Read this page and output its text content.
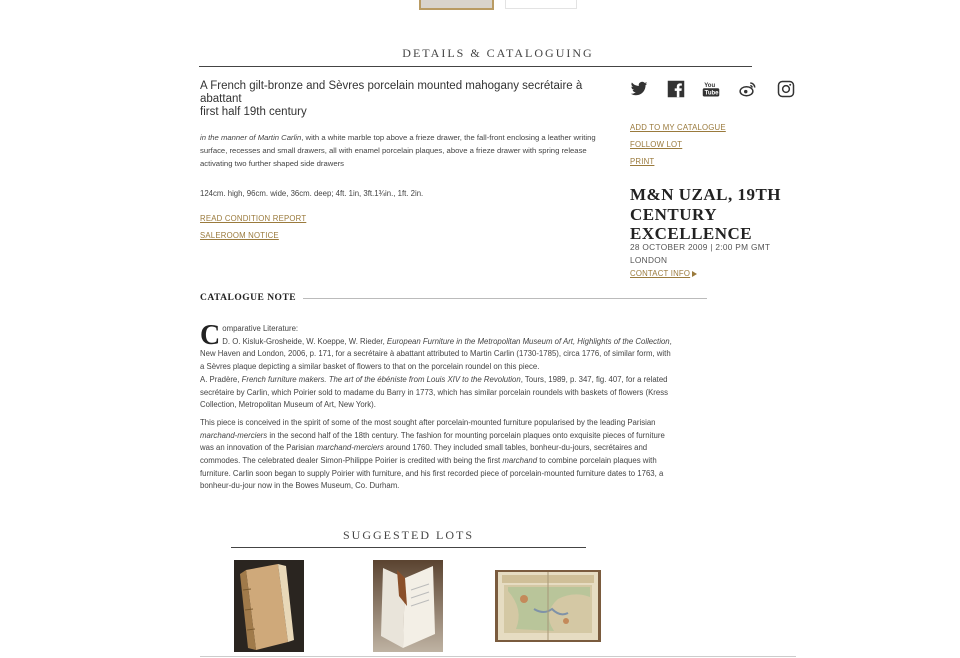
DETAILS & CATALOGUING
A French gilt-bronze and Sèvres porcelain mounted mahogany secrétaire à
abattant
first half 19th century
in the manner of Martin Carlin, with a white marble top above a frieze drawer, the fall-front enclosing a leather writing surface, recesses and small drawers, all with enamel porcelain plaques, above a frieze drawer with spring release activating two further shaped side drawers
124cm. high, 96cm. wide, 36cm. deep; 4ft. 1in, 3ft.1¾in., 1ft. 2in.
READ CONDITION REPORT
SALEROOM NOTICE
You
Tube
ADD TO MY CATALOGUE
FOLLOW LOT
PRINT
M&N UZAL, 19TH CENTURY EXCELLENCE
28 OCTOBER 2009 | 2:00 PM GMT
LONDON
CONTACT INFO
CATALOGUE NOTE

Comparative Literature:
D. O. Kisluk-Grosheide, W. Koeppe, W. Rieder, European Furniture in the Metropolitan Museum of Art, Highlights of the Collection, New Haven and London, 2006, p. 171, for a secrétaire à abattant attributed to Martin Carlin (1730-1785), circa 1776, of similar form, with a Sèvres plaque depicting a similar basket of flowers to that on the porcelain roundel on this piece.
A. Pradère, French furniture makers. The art of the ébéniste from Louis XIV to the Revolution, Tours, 1989, p. 347, fig. 407, for a related secrétaire by Carlin, which Poirier sold to madame du Barry in 1773, which has similar porcelain roundels with baskets of flowers (Kress Collection, Metropolitan Museum of Art, New York).

This piece is conceived in the spirit of some of the most sought after porcelain-mounted furniture popularised by the leading Parisian marchand-merciers in the second half of the 18th century. The fashion for mounting porcelain plaques onto exquisite pieces of furniture was an innovation of the Parisian marchand-merciers around 1760. They included small tables, bonheur-du-jours, secrétaires and commodes. The celebrated dealer Simon-Philippe Poirier is credited with being the first marchand to combine porcelain plaques with furniture. Carlin soon began to supply Poirier with furniture, and his first recorded piece of porcelain-mounted furniture dates to 1763, a bonheur-du-jour now in the Bowes Museum, Co. Durham.

SUGGESTED LOTS
